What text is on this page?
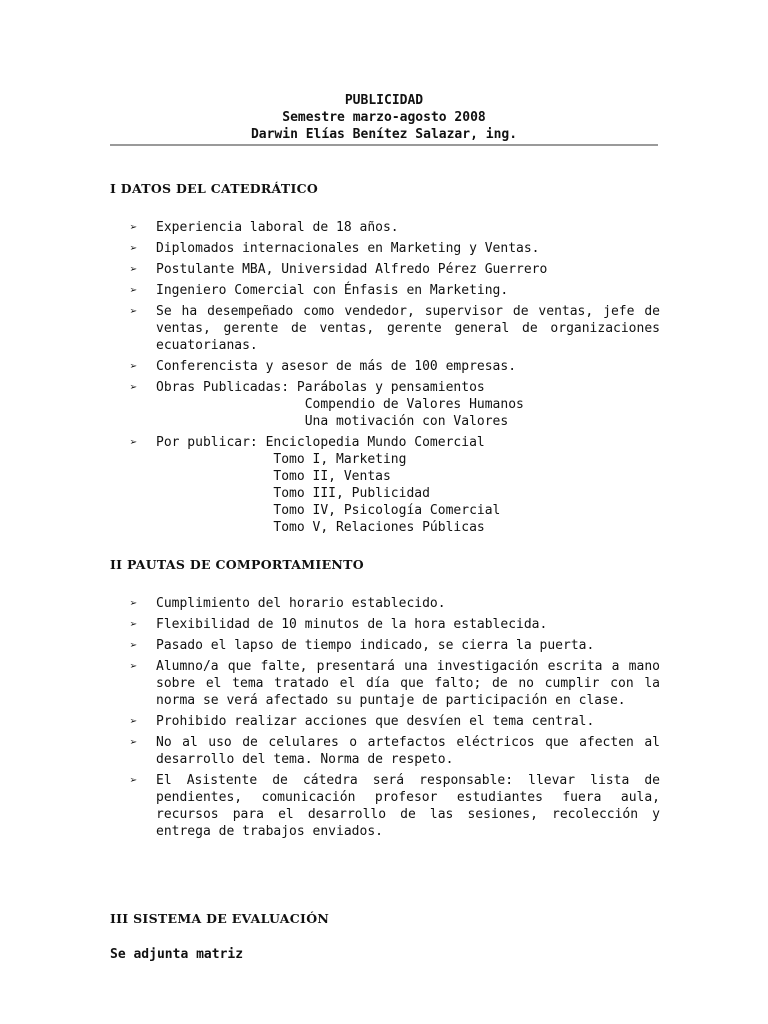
PUBLICIDAD
Semestre marzo-agosto 2008
Darwin Elías Benítez Salazar, ing.
I DATOS DEL CATEDRÁTICO
➢ Experiencia laboral de 18 años.
➢ Diplomados internacionales en Marketing y Ventas.
➢ Postulante MBA, Universidad Alfredo Pérez Guerrero
➢ Ingeniero Comercial con Énfasis en Marketing.
➢ Se ha desempeñado como vendedor, supervisor de ventas, jefe de ventas, gerente de ventas, gerente general de organizaciones ecuatorianas.
➢ Conferencista y asesor de más de 100 empresas.
➢ Obras Publicadas: Parábolas y pensamientos
Compendio de Valores Humanos
Una motivación con Valores
➢ Por publicar: Enciclopedia Mundo Comercial
Tomo I, Marketing
Tomo II, Ventas
Tomo III, Publicidad
Tomo IV, Psicología Comercial
Tomo V, Relaciones Públicas
II PAUTAS DE COMPORTAMIENTO
➢ Cumplimiento del horario establecido.
➢ Flexibilidad de 10 minutos de la hora establecida.
➢ Pasado el lapso de tiempo indicado, se cierra la puerta.
➢ Alumno/a que falte, presentará una investigación escrita a mano sobre el tema tratado el día que falto; de no cumplir con la norma se verá afectado su puntaje de participación en clase.
➢ Prohibido realizar acciones que desvíen el tema central.
➢ No al uso de celulares o artefactos eléctricos que afecten al desarrollo del tema. Norma de respeto.
➢ El Asistente de cátedra será responsable: llevar lista de pendientes, comunicación profesor estudiantes fuera aula, recursos para el desarrollo de las sesiones, recolección y entrega de trabajos enviados.
III SISTEMA DE EVALUACIÓN
Se adjunta matriz
